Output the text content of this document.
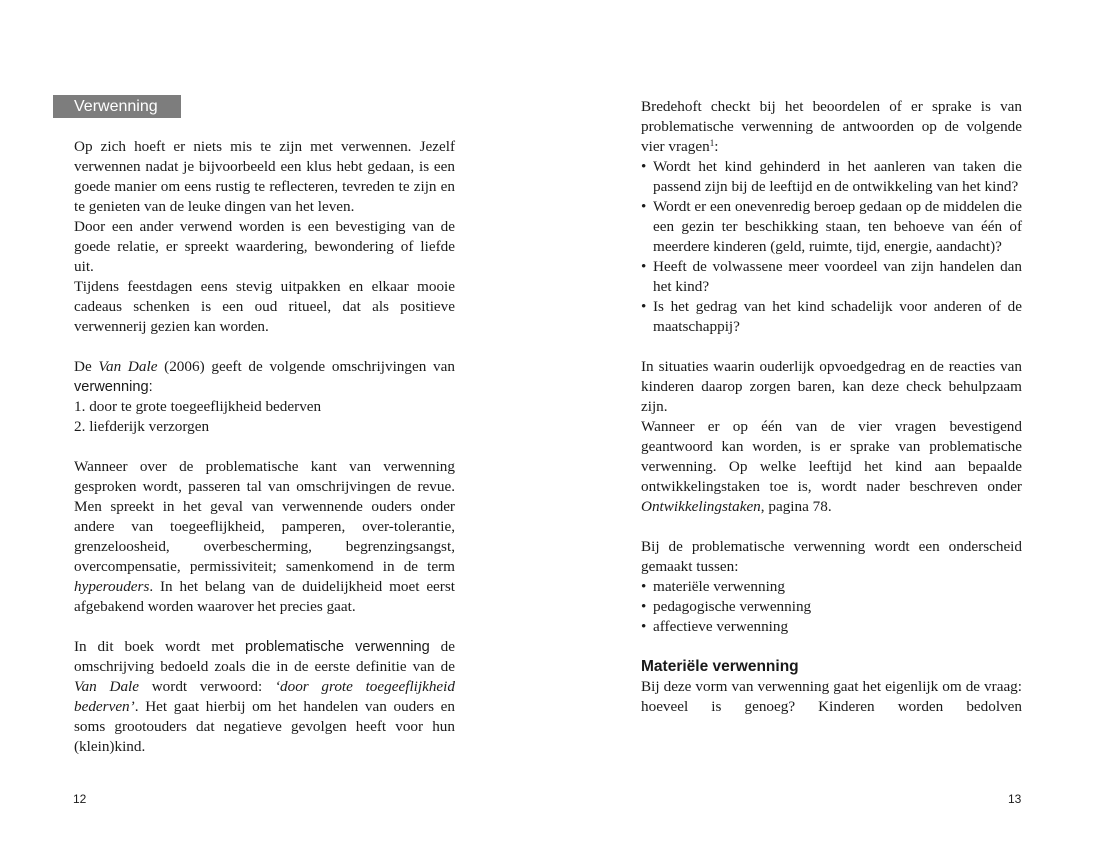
Verwenning

Op zich hoeft er niets mis te zijn met verwennen. Jezelf verwennen nadat je bijvoorbeeld een klus hebt gedaan, is een goede manier om eens rustig te reflecteren, tevreden te zijn en te genieten van de leuke dingen van het leven.

Door een ander verwend worden is een bevestiging van de goede relatie, er spreekt waardering, bewondering of liefde uit.

Tijdens feestdagen eens stevig uitpakken en elkaar mooie cadeaus schenken is een oud ritueel, dat als positieve verwennerij gezien kan worden.

De Van Dale (2006) geeft de volgende omschrijvingen van verwenning:

1. door te grote toegeeflijkheid bederven

2. liefderijk verzorgen

Wanneer over de problematische kant van verwenning gesproken wordt, passeren tal van omschrijvingen de revue. Men spreekt in het geval van verwennende ouders onder andere van toegeeflijkheid, pamperen, over-tolerantie, grenzeloosheid, overbescherming, begrenzingsangst, overcompensatie, permissiviteit; samenkomend in de term hyperouders. In het belang van de duidelijkheid moet eerst afgebakend worden waarover het precies gaat.

In dit boek wordt met problematische verwenning de omschrijving bedoeld zoals die in de eerste definitie van de Van Dale wordt verwoord: ‘door grote toegeeflijkheid bederven’. Het gaat hierbij om het handelen van ouders en soms grootouders dat negatieve gevolgen heeft voor hun (klein)kind.

12

Bredehoft checkt bij het beoordelen of er sprake is van problematische verwenning de antwoorden op de volgende vier vragen$^1$:

• Wordt het kind gehinderd in het aanleren van taken die passend zijn bij de leeftijd en de ontwikkeling van het kind?
• Wordt er een onevenredig beroep gedaan op de middelen die een gezin ter beschikking staan, ten behoeve van één of meerdere kinderen (geld, ruimte, tijd, energie, aandacht)?
• Heeft de volwassene meer voordeel van zijn handelen dan het kind?
• Is het gedrag van het kind schadelijk voor anderen of de maatschappij?

In situaties waarin ouderlijk opvoedgedrag en de reacties van kinderen daarop zorgen baren, kan deze check behulpzaam zijn.

Wanneer er op één van de vier vragen bevestigend geantwoord kan worden, is er sprake van problematische verwenning. Op welke leeftijd het kind aan bepaalde ontwikkelingstaken toe is, wordt nader beschreven onder Ontwikkelingstaken, pagina 78.

Bij de problematische verwenning wordt een onderscheid gemaakt tussen:

• materiële verwenning
• pedagogische verwenning
• affectieve verwenning

Materiële verwenning

Bij deze vorm van verwenning gaat het eigenlijk om de vraag: hoeveel is genoeg? Kinderen worden bedolven

13
